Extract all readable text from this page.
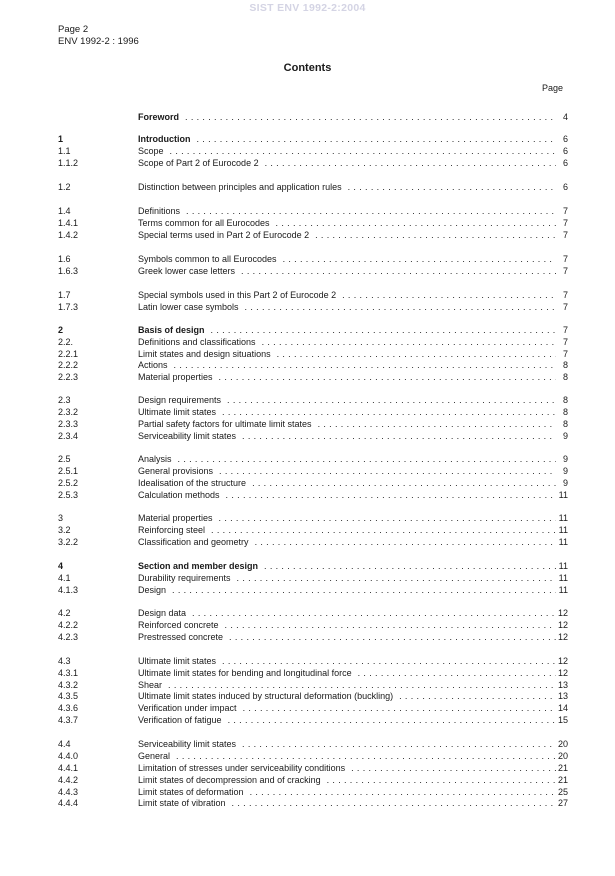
SIST ENV 1992-2:2004
Page 2
ENV 1992-2 : 1996
Contents
Page
Foreword . . .	4
1	Introduction . . .	6
1.1	Scope . . .	6
1.1.2	Scope of Part 2 of Eurocode 2 . . .	6
1.2	Distinction between principles and application rules . . .	6
1.4	Definitions . . .	7
1.4.1	Terms common for all Eurocodes . . .	7
1.4.2	Special terms used in Part 2 of Eurocode 2 . . .	7
1.6	Symbols common to all Eurocodes . . .	7
1.6.3	Greek lower case letters . . .	7
1.7	Special symbols used in this Part 2 of Eurocode 2 . . .	7
1.7.3	Latin lower case symbols . . .	7
2	Basis of design . . .	7
2.2.	Definitions and classifications . . .	7
2.2.1	Limit states and design situations . . .	7
2.2.2	Actions . . .	8
2.2.3	Material properties . . .	8
2.3	Design requirements . . .	8
2.3.2	Ultimate limit states . . .	8
2.3.3	Partial safety factors for ultimate limit states . . .	8
2.3.4	Serviceability limit states . . .	9
2.5	Analysis . . .	9
2.5.1	General provisions . . .	9
2.5.2	Idealisation of the structure . . .	9
2.5.3	Calculation methods . . .	11
3	Material properties . . .	11
3.2	Reinforcing steel . . .	11
3.2.2	Classification and geometry . . .	11
4	Section and member design . . .	11
4.1	Durability requirements . . .	11
4.1.3	Design . . .	11
4.2	Design data . . .	12
4.2.2	Reinforced concrete . . .	12
4.2.3	Prestressed concrete . . .	12
4.3	Ultimate limit states . . .	12
4.3.1	Ultimate limit states for bending and longitudinal force . . .	12
4.3.2	Shear . . .	13
4.3.5	Ultimate limit states induced by structural deformation (buckling) . . .	13
4.3.6	Verification under impact . . .	14
4.3.7	Verification of fatigue . . .	15
4.4	Serviceability limit states . . .	20
4.4.0	General . . .	20
4.4.1	Limitation of stresses under serviceability conditions . . .	21
4.4.2	Limit states of decompression and of cracking . . .	21
4.4.3	Limit states of deformation . . .	25
4.4.4	Limit state of vibration . . .	27
